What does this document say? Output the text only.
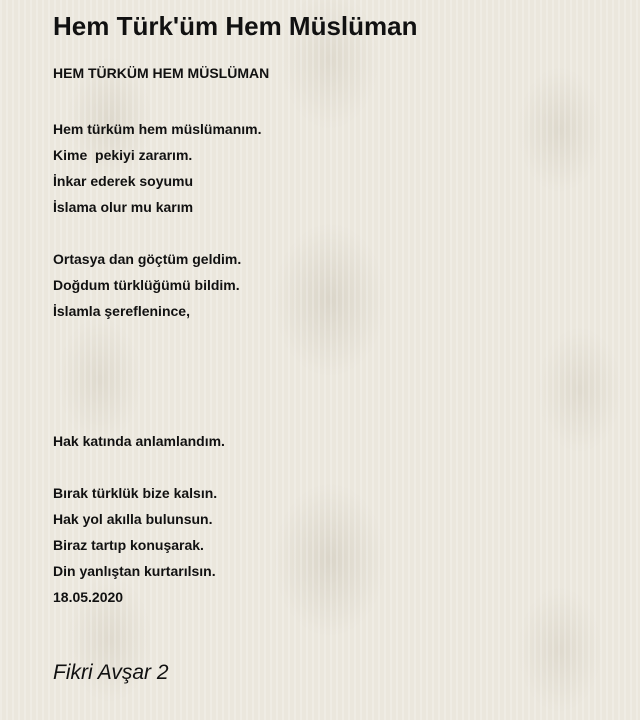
Hem Türk'üm Hem Müslüman
HEM TÜRKÜM HEM MÜSLÜMAN
Hem türküm hem müslümanım.
Kime  pekiyi zararım.
İnkar ederek soyumu
İslama olur mu karım
Ortasya dan göçtüm geldim.
Doğdum türklüğümü bildim.
İslamla şereflenince,
Hak katında anlamlandım.
Bırak türklük bize kalsın.
Hak yol akılla bulunsun.
Biraz tartıp konuşarak.
Din yanlıştan kurtarılsın.
18.05.2020
Fikri Avşar 2
